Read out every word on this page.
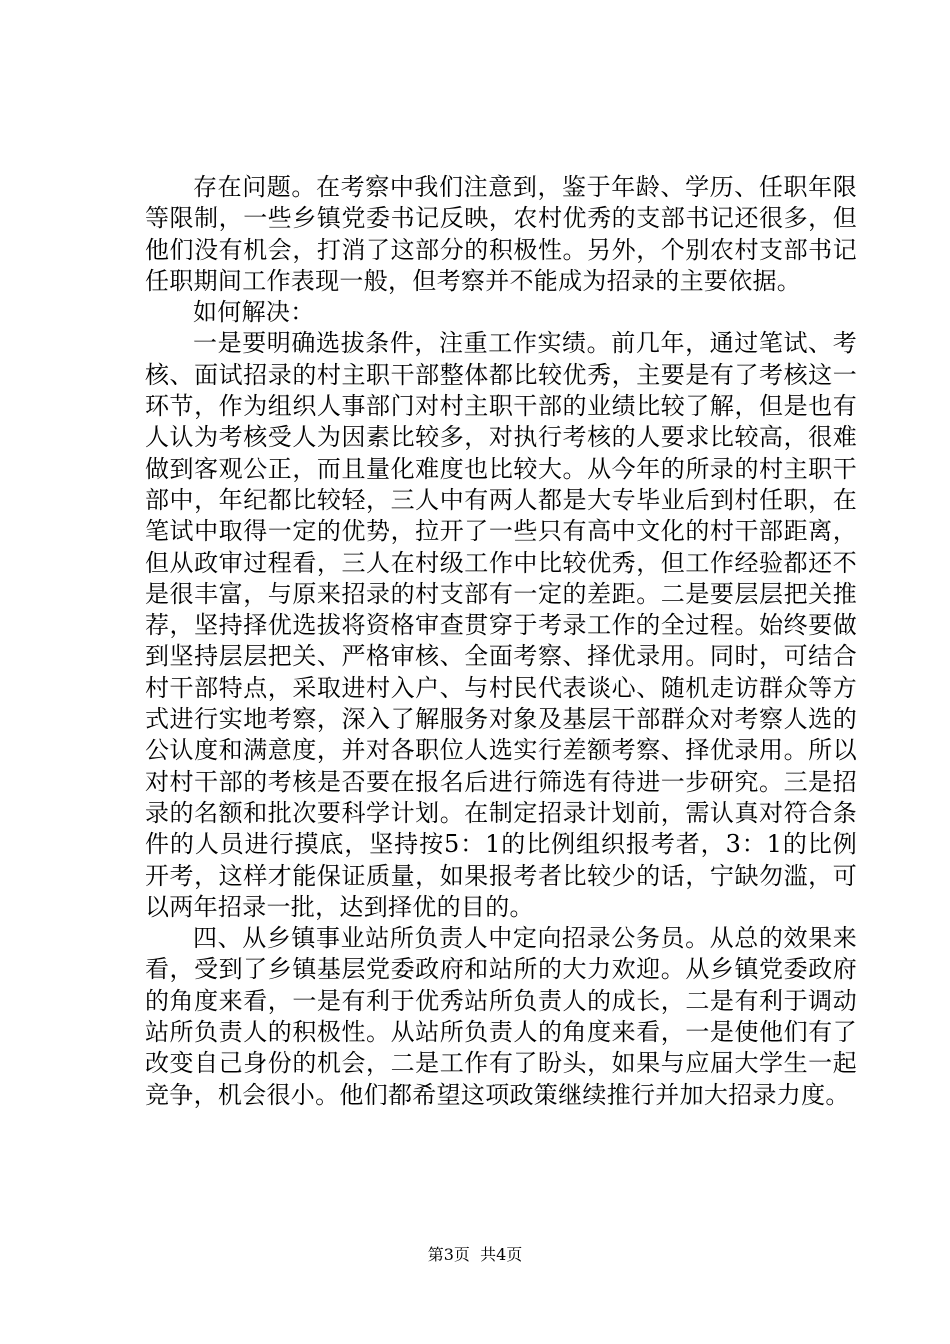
存在问题。在考察中我们注意到，鉴于年龄、学历、任职年限等限制，一些乡镇党委书记反映，农村优秀的支部书记还很多，但他们没有机会，打消了这部分的积极性。另外，个别农村支部书记任职期间工作表现一般，但考察并不能成为招录的主要依据。

如何解决：

一是要明确选拔条件，注重工作实绩。前几年，通过笔试、考核、面试招录的村主职干部整体都比较优秀，主要是有了考核这一环节，作为组织人事部门对村主职干部的业绩比较了解，但是也有人认为考核受人为因素比较多，对执行考核的人要求比较高，很难做到客观公正，而且量化难度也比较大。从今年的所录的村主职干部中，年纪都比较轻，三人中有两人都是大专毕业后到村任职，在笔试中取得一定的优势，拉开了一些只有高中文化的村干部距离，但从政审过程看，三人在村级工作中比较优秀，但工作经验都还不是很丰富，与原来招录的村支部有一定的差距。二是要层层把关推荐，坚持择优选拔将资格审查贯穿于考录工作的全过程。始终要做到坚持层层把关、严格审核、全面考察、择优录用。同时，可结合村干部特点，采取进村入户、与村民代表谈心、随机走访群众等方式进行实地考察，深入了解服务对象及基层干部群众对考察人选的公认度和满意度，并对各职位人选实行差额考察、择优录用。所以对村干部的考核是否要在报名后进行筛选有待进一步研究。三是招录的名额和批次要科学计划。在制定招录计划前，需认真对符合条件的人员进行摸底，坚持按5：1的比例组织报考者，3：1的比例开考，这样才能保证质量，如果报考者比较少的话，宁缺勿滥，可以两年招录一批，达到择优的目的。

四、从乡镇事业站所负责人中定向招录公务员。从总的效果来看，受到了乡镇基层党委政府和站所的大力欢迎。从乡镇党委政府的角度来看，一是有利于优秀站所负责人的成长，二是有利于调动站所负责人的积极性。从站所负责人的角度来看，一是使他们有了改变自己身份的机会，二是工作有了盼头，如果与应届大学生一起竞争，机会很小。他们都希望这项政策继续推行并加大招录力度。

第3页  共4页
